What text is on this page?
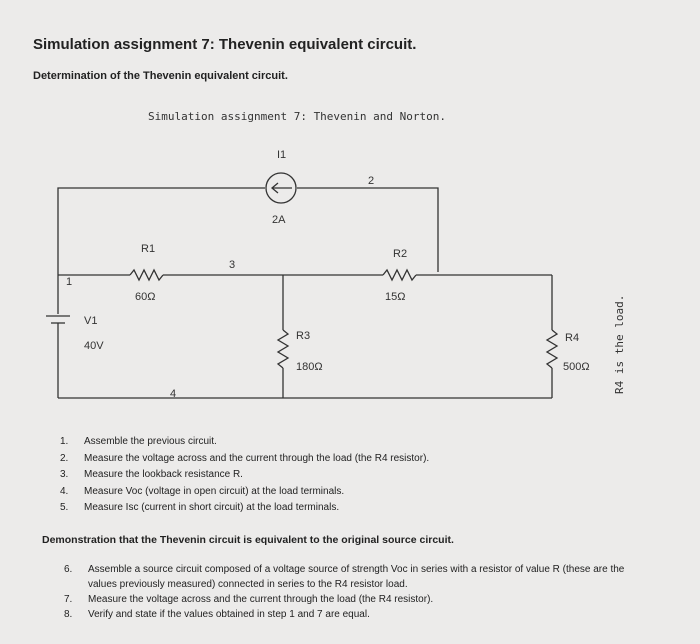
Simulation assignment 7: Thevenin equivalent circuit.
Determination of the Thevenin equivalent circuit.
Simulation assignment 7: Thevenin and Norton.
I1
2A
2
R1
60Ω
3
R2
15Ω
1
V1
40V
R3
180Ω
R4
500Ω
4	R4 is the load.
1.	Assemble the previous circuit.
2.	Measure the voltage across and the current through the load (the R4 resistor).
3.	Measure the lookback resistance R.
4.	Measure Voc (voltage in open circuit) at the load terminals.
5.	Measure Isc (current in short circuit) at the load terminals.
Demonstration that the Thevenin circuit is equivalent to the original source circuit.
6.	Assemble a source circuit composed of a voltage source of strength Voc in series with a resistor of value R (these are the values previously measured) connected in series to the R4 resistor load.
7.	Measure the voltage across and the current through the load (the R4 resistor).
8.	Verify and state if the values obtained in step 1 and 7 are equal.
